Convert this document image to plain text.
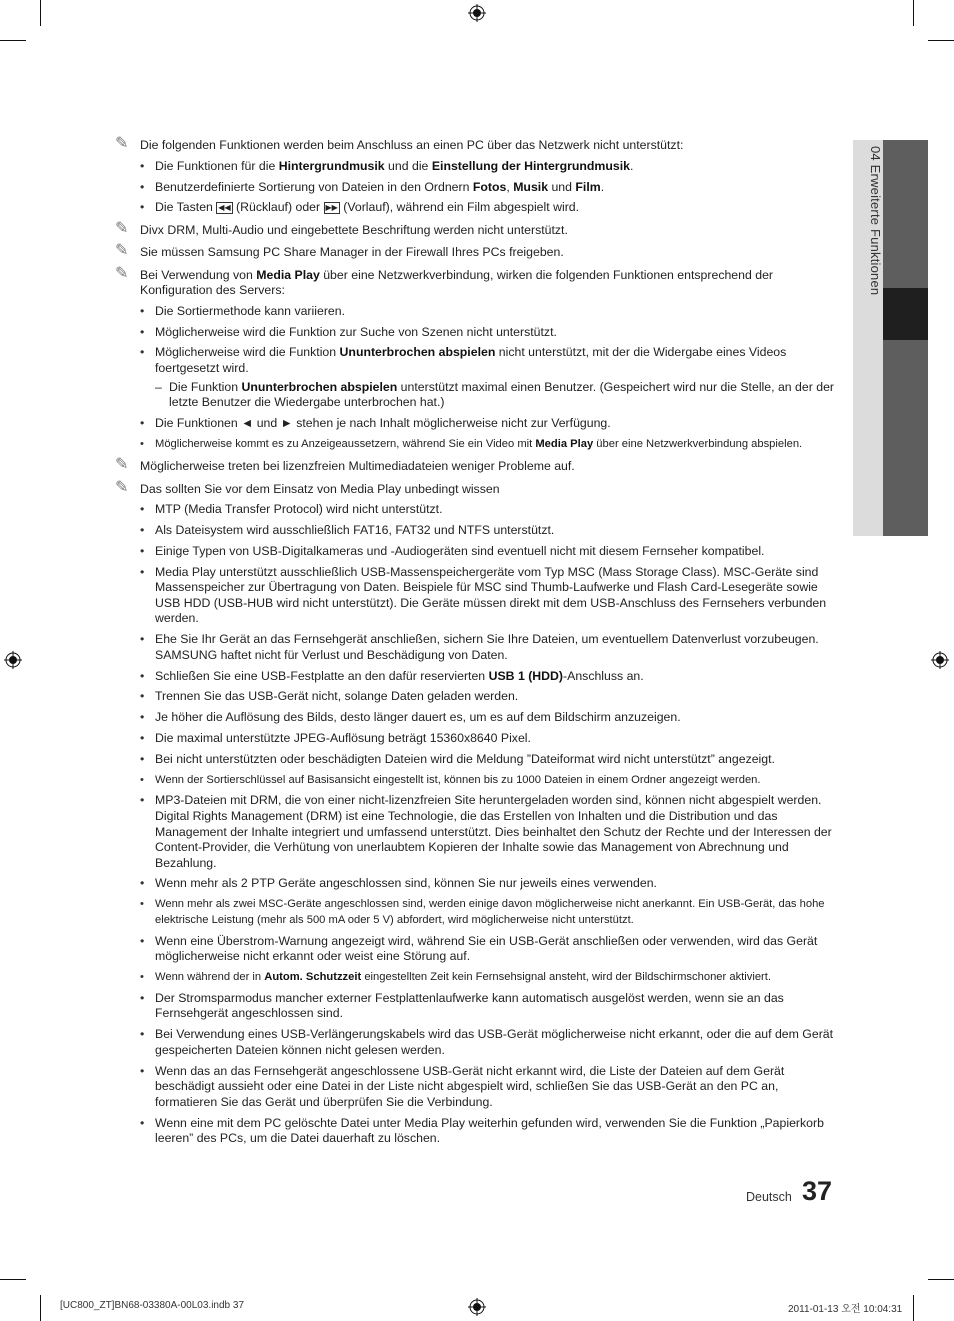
04 Erweiterte Funktionen
✎ Die folgenden Funktionen werden beim Anschluss an einen PC über das Netzwerk nicht unterstützt:
• Die Funktionen für die Hintergrundmusik und die Einstellung der Hintergrundmusik.
• Benutzerdefinierte Sortierung von Dateien in den Ordnern Fotos, Musik und Film.
• Die Tasten ◀◀ (Rücklauf) oder ▶▶ (Vorlauf), während ein Film abgespielt wird.
✎ Divx DRM, Multi-Audio und eingebettete Beschriftung werden nicht unterstützt.
✎ Sie müssen Samsung PC Share Manager in der Firewall Ihres PCs freigeben.
✎ Bei Verwendung von Media Play über eine Netzwerkverbindung, wirken die folgenden Funktionen entsprechend der Konfiguration des Servers:
• Die Sortiermethode kann variieren.
• Möglicherweise wird die Funktion zur Suche von Szenen nicht unterstützt.
• Möglicherweise wird die Funktion Ununterbrochen abspielen nicht unterstützt, mit der die Widergabe eines Videos foertgesetzt wird.
– Die Funktion Ununterbrochen abspielen unterstützt maximal einen Benutzer. (Gespeichert wird nur die Stelle, an der der letzte Benutzer die Wiedergabe unterbrochen hat.)
• Die Funktionen ◄ und ► stehen je nach Inhalt möglicherweise nicht zur Verfügung.
• Möglicherweise kommt es zu Anzeigeaussetzern, während Sie ein Video mit Media Play über eine Netzwerkverbindung abspielen.
✎ Möglicherweise treten bei lizenzfreien Multimediadateien weniger Probleme auf.
✎ Das sollten Sie vor dem Einsatz von Media Play unbedingt wissen
• MTP (Media Transfer Protocol) wird nicht unterstützt.
• Als Dateisystem wird ausschließlich FAT16, FAT32 und NTFS unterstützt.
• Einige Typen von USB-Digitalkameras und -Audiogeräten sind eventuell nicht mit diesem Fernseher kompatibel.
• Media Play unterstützt ausschließlich USB-Massenspeichergeräte vom Typ MSC (Mass Storage Class). MSC-Geräte sind Massenspeicher zur Übertragung von Daten. Beispiele für MSC sind Thumb-Laufwerke und Flash Card-Lesegeräte sowie USB HDD (USB-HUB wird nicht unterstützt). Die Geräte müssen direkt mit dem USB-Anschluss des Fernsehers verbunden werden.
• Ehe Sie Ihr Gerät an das Fernsehgerät anschließen, sichern Sie Ihre Dateien, um eventuellem Datenverlust vorzubeugen. SAMSUNG haftet nicht für Verlust und Beschädigung von Daten.
• Schließen Sie eine USB-Festplatte an den dafür reservierten USB 1 (HDD)-Anschluss an.
• Trennen Sie das USB-Gerät nicht, solange Daten geladen werden.
• Je höher die Auflösung des Bilds, desto länger dauert es, um es auf dem Bildschirm anzuzeigen.
• Die maximal unterstützte JPEG-Auflösung beträgt 15360x8640 Pixel.
• Bei nicht unterstützten oder beschädigten Dateien wird die Meldung ”Dateiformat wird nicht unterstützt” angezeigt.
• Wenn der Sortierschlüssel auf Basisansicht eingestellt ist, können bis zu 1000 Dateien in einem Ordner angezeigt werden.
• MP3-Dateien mit DRM, die von einer nicht-lizenzfreien Site heruntergeladen worden sind, können nicht abgespielt werden. Digital Rights Management (DRM) ist eine Technologie, die das Erstellen von Inhalten und die Distribution und das Management der Inhalte integriert und umfassend unterstützt. Dies beinhaltet den Schutz der Rechte und der Interessen der Content-Provider, die Verhütung von unerlaubtem Kopieren der Inhalte sowie das Management von Abrechnung und Bezahlung.
• Wenn mehr als 2 PTP Geräte angeschlossen sind, können Sie nur jeweils eines verwenden.
• Wenn mehr als zwei MSC-Geräte angeschlossen sind, werden einige davon möglicherweise nicht anerkannt. Ein USB-Gerät, das hohe elektrische Leistung (mehr als 500 mA oder 5 V) abfordert, wird möglicherweise nicht unterstützt.
• Wenn eine Überstrom-Warnung angezeigt wird, während Sie ein USB-Gerät anschließen oder verwenden, wird das Gerät möglicherweise nicht erkannt oder weist eine Störung auf.
• Wenn während der in Autom. Schutzzeit eingestellten Zeit kein Fernsehsignal ansteht, wird der Bildschirmschoner aktiviert.
• Der Stromsparmodus mancher externer Festplattenlaufwerke kann automatisch ausgelöst werden, wenn sie an das Fernsehgerät angeschlossen sind.
• Bei Verwendung eines USB-Verlängerungskabels wird das USB-Gerät möglicherweise nicht erkannt, oder die auf dem Gerät gespeicherten Dateien können nicht gelesen werden.
• Wenn das an das Fernsehgerät angeschlossene USB-Gerät nicht erkannt wird, die Liste der Dateien auf dem Gerät beschädigt aussieht oder eine Datei in der Liste nicht abgespielt wird, schließen Sie das USB-Gerät an den PC an, formatieren Sie das Gerät und überprüfen Sie die Verbindung.
• Wenn eine mit dem PC gelöschte Datei unter Media Play weiterhin gefunden wird, verwenden Sie die Funktion „Papierkorb leeren” des PCs, um die Datei dauerhaft zu löschen.
Deutsch 37
[UC800_ZT]BN68-03380A-00L03.indb 37	2011-01-13 오전 10:04:31
